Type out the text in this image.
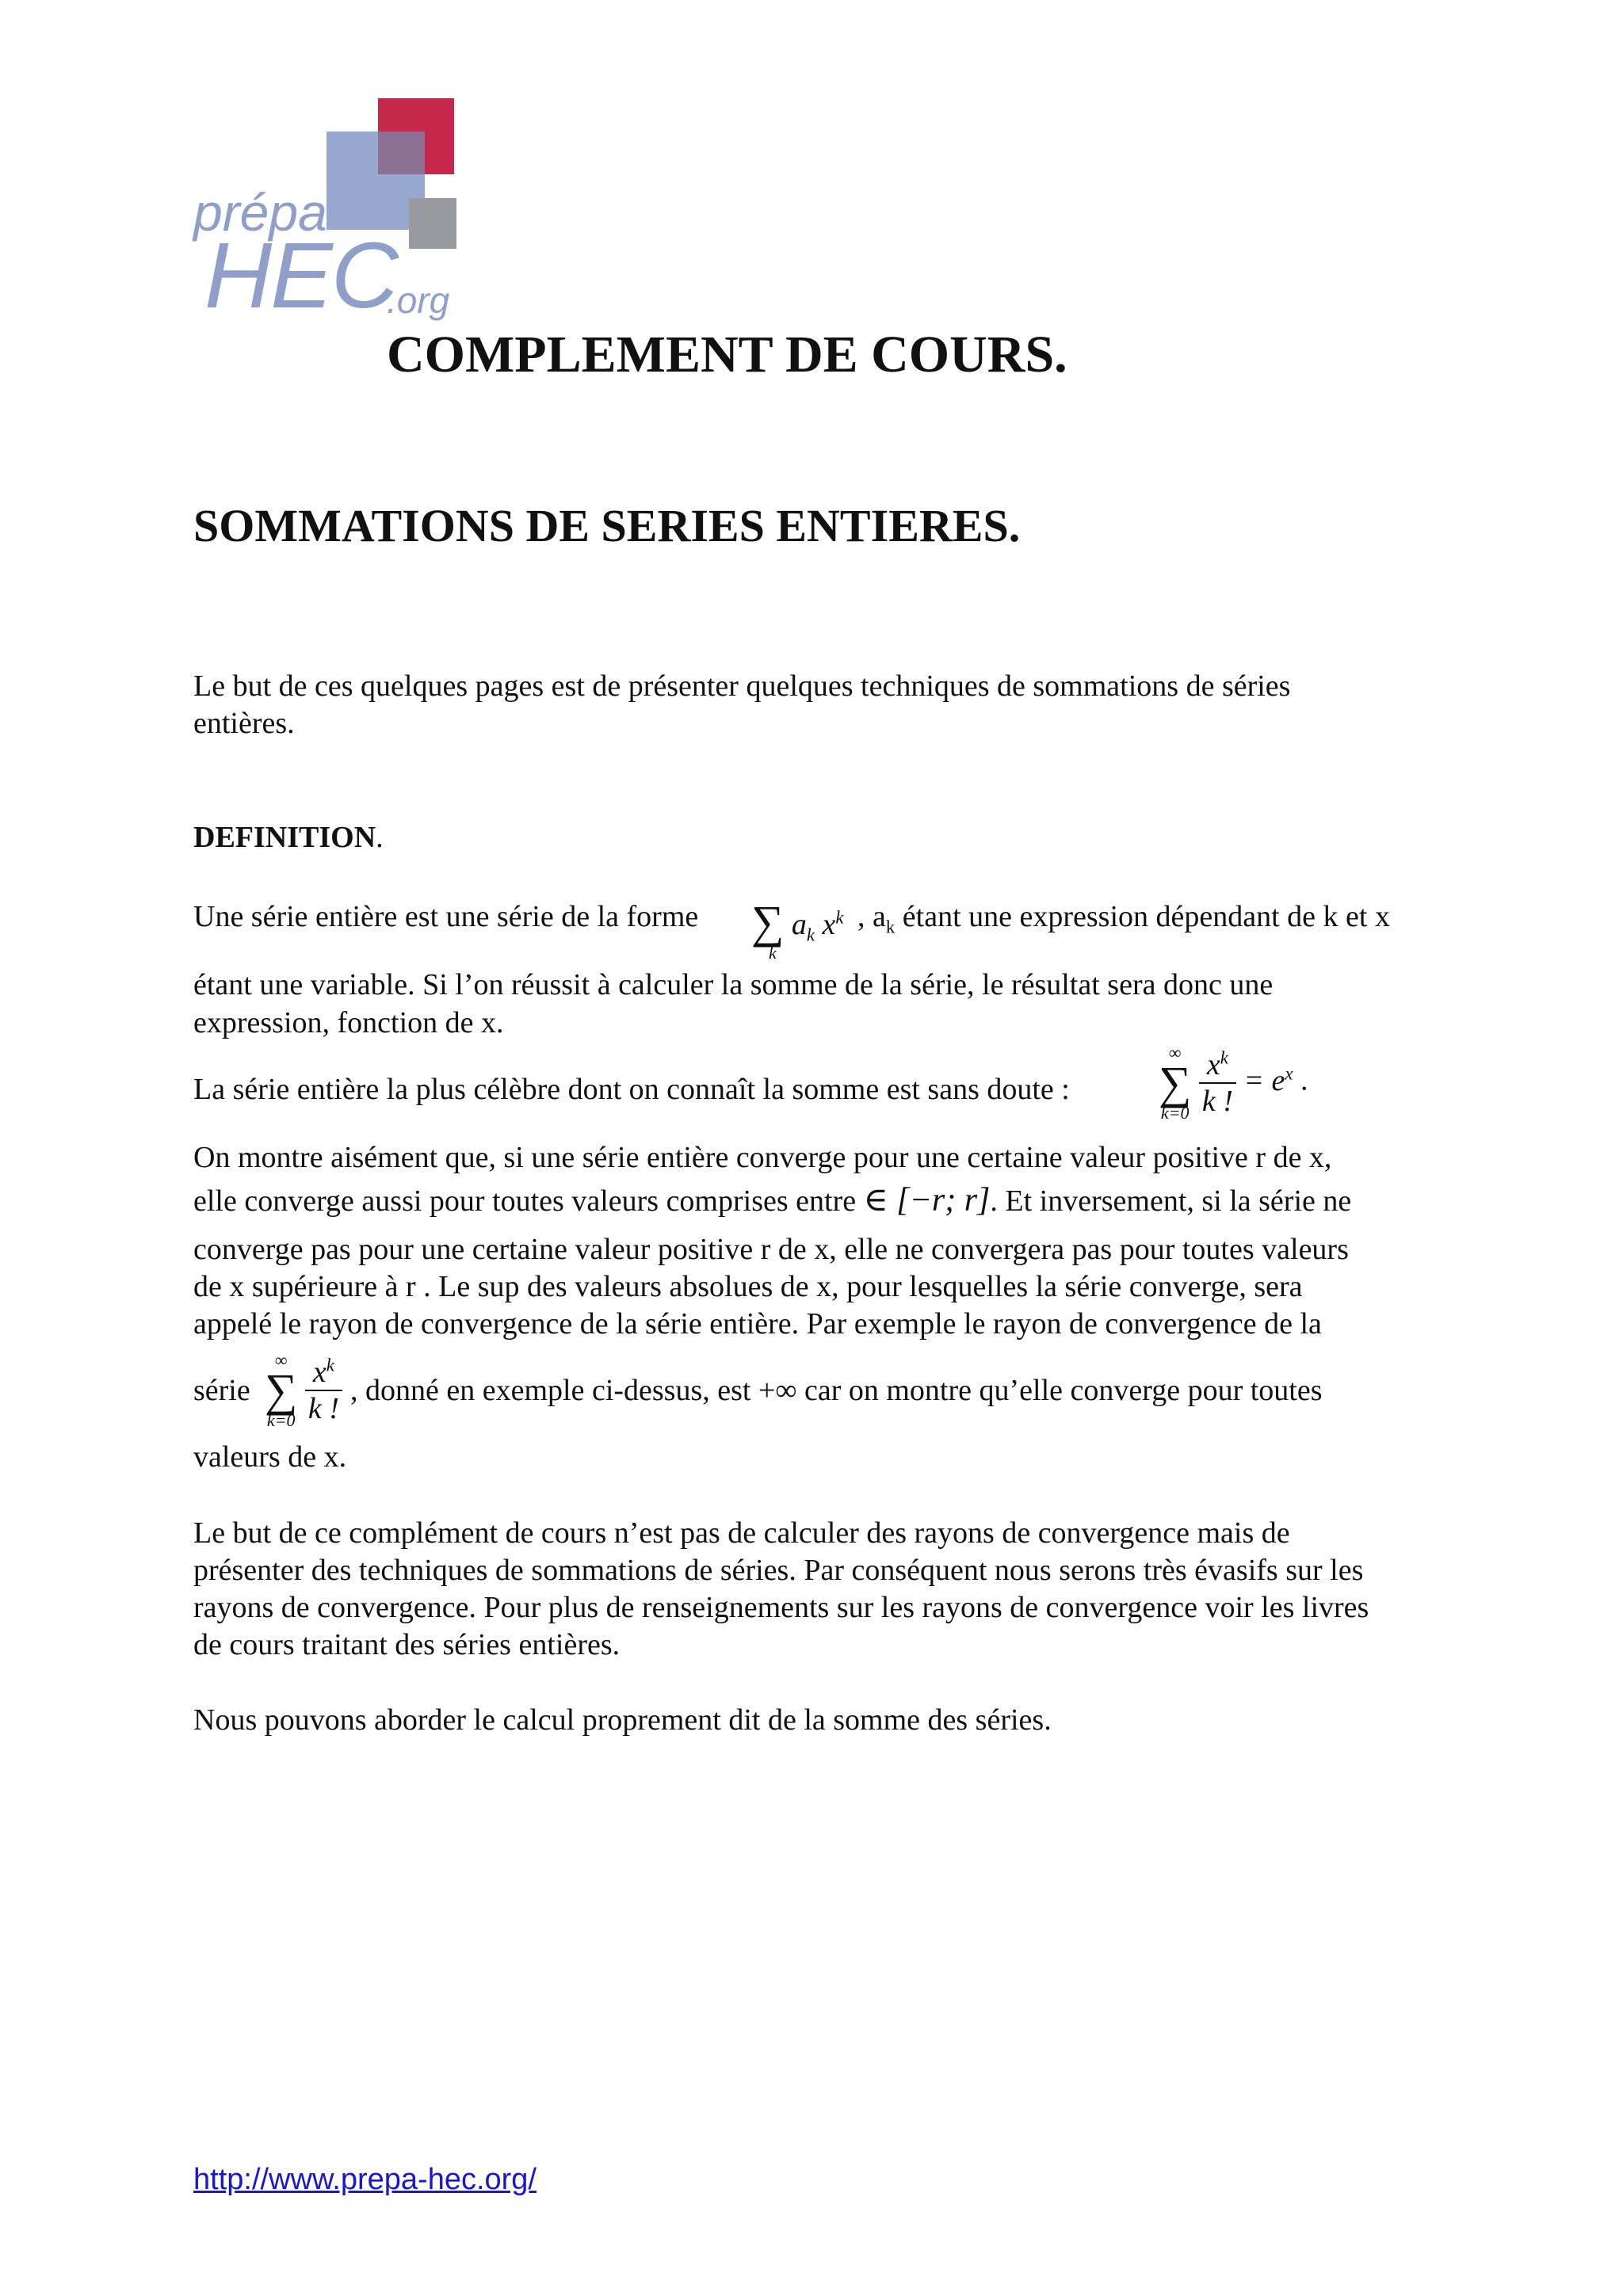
prépa
HEC
.org
COMPLEMENT DE COURS.
SOMMATIONS DE SERIES ENTIERES.
Le but de ces quelques pages est de présenter quelques techniques de sommations de séries
entières.
DEFINITION.
Une série entière est une série de la forme ∑ $a_k$ $x^k$
k
, $a_k$ étant une expression dépendant de k et x
étant une variable. Si l’on réussit à calculer la somme de la série, le résultat sera donc une
expression, fonction de x.
La série entière la plus célèbre dont on connaît la somme est sans doute :
∞
∑
k=0
$\frac{x^k}{k !} = e^x$ .
On montre aisément que, si une série entière converge pour une certaine valeur positive r de x,
elle converge aussi pour toutes valeurs comprises entre ∈ [−r; r]. Et inversement, si la série ne
converge pas pour une certaine valeur positive r de x, elle ne convergera pas pour toutes valeurs
de x supérieure à r . Le sup des valeurs absolues de x, pour lesquelles la série converge, sera
appelé le rayon de convergence de la série entière. Par exemple le rayon de convergence de la
série
∞
∑
k=0
$\frac{x^k}{k !}$ , donné en exemple ci-dessus, est +∞ car on montre qu’elle converge pour toutes
valeurs de x.
Le but de ce complément de cours n’est pas de calculer des rayons de convergence mais de
présenter des techniques de sommations de séries. Par conséquent nous serons très évasifs sur les
rayons de convergence. Pour plus de renseignements sur les rayons de convergence voir les livres
de cours traitant des séries entières.
Nous pouvons aborder le calcul proprement dit de la somme des séries.
http://www.prepa-hec.org/
